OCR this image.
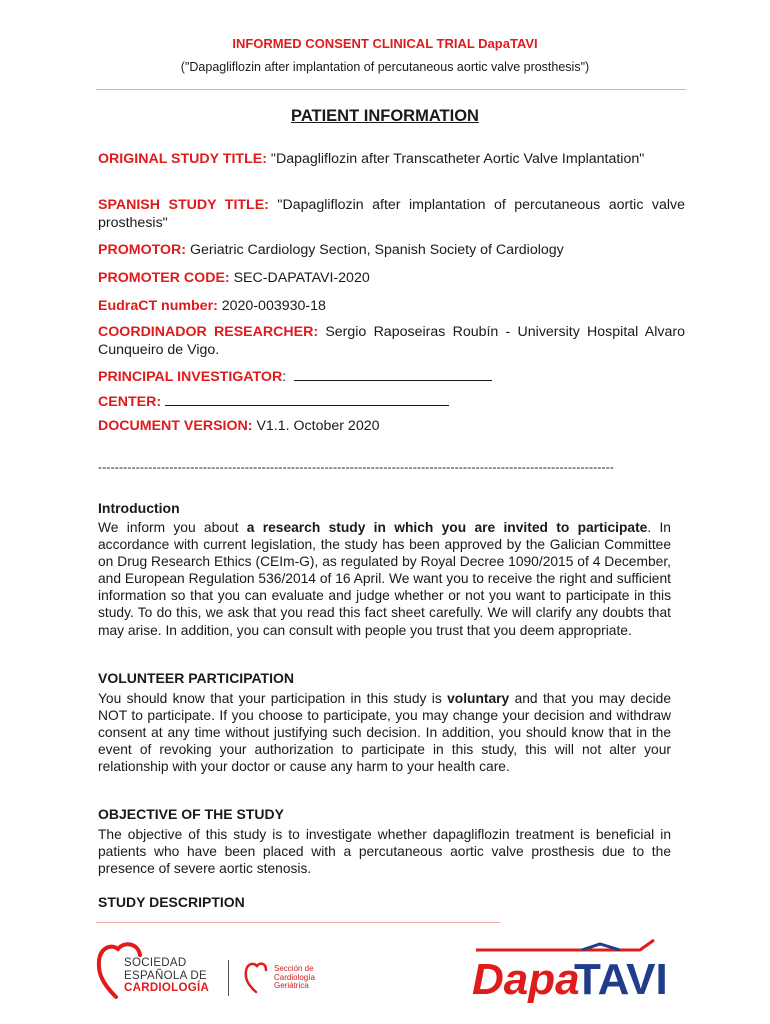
INFORMED CONSENT CLINICAL TRIAL DapaTAVI
("Dapagliflozin after implantation of percutaneous aortic valve prosthesis")
PATIENT INFORMATION
ORIGINAL STUDY TITLE: "Dapagliflozin after Transcatheter Aortic Valve Implantation"
SPANISH STUDY TITLE: "Dapagliflozin after implantation of percutaneous aortic valve prosthesis"
PROMOTOR: Geriatric Cardiology Section, Spanish Society of Cardiology
PROMOTER CODE: SEC-DAPATAVI-2020
EudraCT number: 2020-003930-18
COORDINADOR RESEARCHER: Sergio Raposeiras Roubín - University Hospital Alvaro Cunqueiro de Vigo.
PRINCIPAL INVESTIGATOR:
CENTER:
DOCUMENT VERSION: V1.1. October 2020
---------------------------------------------------------------------------------------------------------------------------
Introduction
We inform you about a research study in which you are invited to participate. In accordance with current legislation, the study has been approved by the Galician Committee on Drug Research Ethics (CEIm-G), as regulated by Royal Decree 1090/2015 of 4 December, and European Regulation 536/2014 of 16 April. We want you to receive the right and sufficient information so that you can evaluate and judge whether or not you want to participate in this study. To do this, we ask that you read this fact sheet carefully. We will clarify any doubts that may arise. In addition, you can consult with people you trust that you deem appropriate.
VOLUNTEER PARTICIPATION
You should know that your participation in this study is voluntary and that you may decide NOT to participate. If you choose to participate, you may change your decision and withdraw consent at any time without justifying such decision. In addition, you should know that in the event of revoking your authorization to participate in this study, this will not alter your relationship with your doctor or cause any harm to your health care.
OBJECTIVE OF THE STUDY
The objective of this study is to investigate whether dapagliflozin treatment is beneficial in patients who have been placed with a percutaneous aortic valve prosthesis due to the presence of severe aortic stenosis.
STUDY DESCRIPTION
SOCIEDAD
ESPAÑOLA DE
CARDIOLOGÍA
Sección de
Cardiología
Geriátrica	Dapa
TAVI
